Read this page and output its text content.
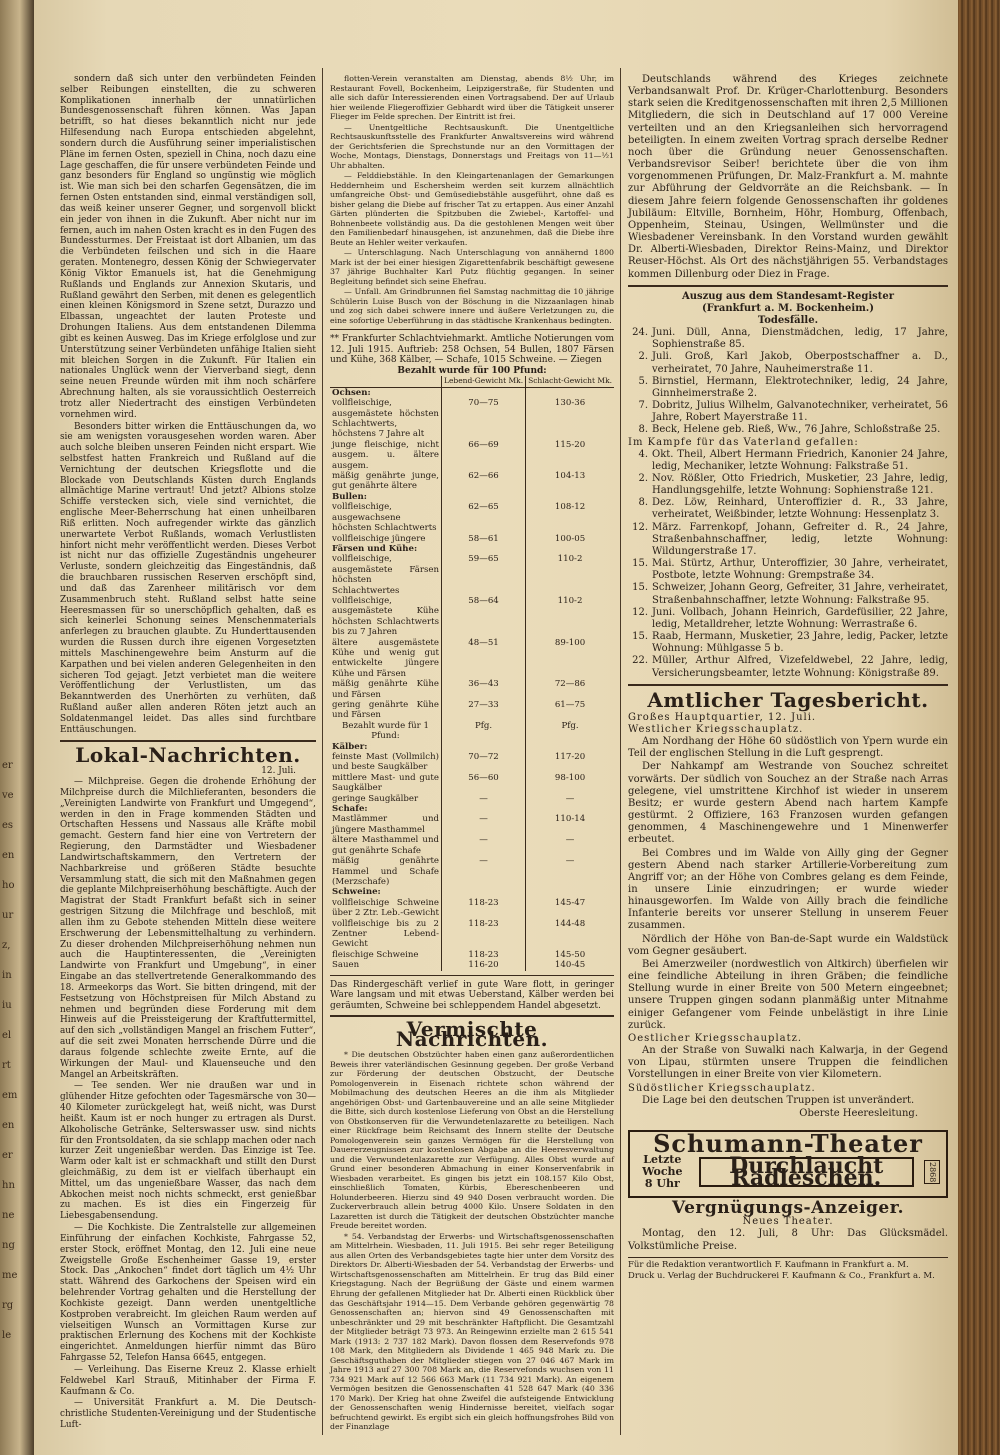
er
ve
es
en
ho
ur
z,
in
iu
el
rt
em
en
er
hn
ne
ng
me
rg
le

sondern daß sich unter den verbündeten Feinden selber Reibungen einstellten, die zu schweren Komplikationen innerhalb der unnatürlichen Bundesgenossenschaft führen können. Was Japan betrifft, so hat dieses bekanntlich nicht nur jede Hilfesendung nach Europa entschieden abgelehnt, sondern durch die Ausführung seiner imperialistischen Pläne im fernen Osten, speziell in China, noch dazu eine Lage geschaffen, die für unsere verbündeten Feinde und ganz besonders für England so ungünstig wie möglich ist. Wie man sich bei den scharfen Gegensätzen, die im fernen Osten entstanden sind, einmal verständigen soll, das weiß keiner unserer Gegner, und sorgenvoll blickt ein jeder von ihnen in die Zukunft. Aber nicht nur im fernen, auch im nahen Osten kracht es in den Fugen des Bundessturmes. Der Freistaat ist dort Albanien, um das die Verbündeten feilschen und sich in die Haare geraten. Montenegro, dessen König der Schwiegervater König Viktor Emanuels ist, hat die Genehmigung Rußlands und Englands zur Annexion Skutaris, und Rußland gewährt den Serben, mit denen es gelegentlich einen kleinen Königsmord in Szene setzt, Durazzo und Elbassan, ungeachtet der lauten Proteste und Drohungen Italiens. Aus dem entstandenen Dilemma gibt es keinen Ausweg. Das im Kriege erfolglose und zur Unterstützung seiner Verbündeten unfähige Italien sieht mit bleichen Sorgen in die Zukunft. Für Italien ein nationales Unglück wenn der Vierverband siegt, denn seine neuen Freunde würden mit ihm noch schärfere Abrechnung halten, als sie voraussichtlich Oesterreich trotz aller Niedertracht des einstigen Verbündeten vornehmen wird.

Besonders bitter wirken die Enttäuschungen da, wo sie am wenigsten vorausgesehen worden waren. Aber auch solche bleiben unseren Feinden nicht erspart. Wie selbstfest hatten Frankreich und Rußland auf die Vernichtung der deutschen Kriegsflotte und die Blockade von Deutschlands Küsten durch Englands allmächtige Marine vertraut! Und jetzt? Albions stolze Schiffe verstecken sich, viele sind vernichtet, die englische Meer-Beherrschung hat einen unheilbaren Riß erlitten. Noch aufregender wirkte das gänzlich unerwartete Verbot Rußlands, womach Verlustlisten hinfort nicht mehr veröffentlicht werden. Dieses Verbot ist nicht nur das offizielle Zugeständnis ungeheurer Verluste, sondern gleichzeitig das Eingeständnis, daß die brauchbaren russischen Reserven erschöpft sind, und daß das Zarenheer militärisch vor dem Zusammenbruch steht. Rußland selbst hatte seine Heeresmassen für so unerschöpflich gehalten, daß es sich keinerlei Schonung seines Menschenmaterials anferlegen zu brauchen glaubte. Zu Hunderttausenden wurden die Russen durch ihre eigenen Vorgesetzten mittels Maschinengewehre beim Ansturm auf die Karpathen und bei vielen anderen Gelegenheiten in den sicheren Tod gejagt. Jetzt verbietet man die weitere Veröffentlichung der Verlustlisten, um das Bekanntwerden des Unerhörten zu verhüten, daß Rußland außer allen anderen Röten jetzt auch an Soldatenmangel leidet. Das alles sind furchtbare Enttäuschungen.

Lokal-Nachrichten.
12. Juli.

— Milchpreise. Gegen die drohende Erhöhung der Milchpreise durch die Milchlieferanten, besonders die „Vereinigten Landwirte von Frankfurt und Umgegend“, werden in den in Frage kommenden Städten und Ortschaften Hessens und Nassaus alle Kräfte mobil gemacht. Gestern fand hier eine von Vertretern der Regierung, den Darmstädter und Wiesbadener Landwirtschaftskammern, den Vertretern der Nachbarkreise und größeren Städte besuchte Versammlung statt, die sich mit den Maßnahmen gegen die geplante Milchpreiserhöhung beschäftigte. Auch der Magistrat der Stadt Frankfurt befaßt sich in seiner gestrigen Sitzung die Milchfrage und beschloß, mit allen ihm zu Gebote stehenden Mitteln diese weitere Erschwerung der Lebensmittelhaltung zu verhindern. Zu dieser drohenden Milchpreiserhöhung nehmen nun auch die Hauptinteressenten, die „Vereinigten Landwirte von Frankfurt und Umgebung“, in einer Eingabe an das stellvertretende Generalkommando des 18. Armeekorps das Wort. Sie bitten dringend, mit der Festsetzung von Höchstpreisen für Milch Abstand zu nehmen und begründen diese Forderung mit dem Hinweis auf die Preissteigerung der Kraftfuttermittel, auf den sich „vollständigen Mangel an frischem Futter“, auf die seit zwei Monaten herrschende Dürre und die daraus folgende schlechte zweite Ernte, auf die Wirkungen der Maul- und Klauenseuche und den Mangel an Arbeitskräften.

— Tee senden. Wer nie draußen war und in glühender Hitze gefochten oder Tagesmärsche von 30—40 Kilometer zurückgelegt hat, weiß nicht, was Durst heißt. Kaum ist er noch hunger zu ertragen als Durst. Alkoholische Getränke, Selterswasser usw. sind nichts für den Frontsoldaten, da sie schlapp machen oder nach kurzer Zeit ungenießbar werden. Das Einzige ist Tee. Warm oder kalt ist er schmackhaft und stillt den Durst gleichmäßig, zu dem ist er vielfach überhaupt ein Mittel, um das ungenießbare Wasser, das nach dem Abkochen meist noch nichts schmeckt, erst genießbar zu machen. Es ist dies ein Fingerzeig für Liebesgabensendung.

— Die Kochkiste. Die Zentralstelle zur allgemeinen Einführung der einfachen Kochkiste, Fahrgasse 52, erster Stock, eröffnet Montag, den 12. Juli eine neue Zweigstelle Große Eschenheimer Gasse 19, erster Stock. Das „Ankochen“ findet dort täglich um 4½ Uhr statt. Während des Garkochens der Speisen wird ein belehrender Vortrag gehalten und die Herstellung der Kochkiste gezeigt. Dann werden unentgeltliche Kostproben verabreicht. Im gleichen Raum werden auf vielseitigen Wunsch an Vormittagen Kurse zur praktischen Erlernung des Kochens mit der Kochkiste eingerichtet. Anmeldungen hierfür nimmt das Büro Fahrgasse 52, Telefon Hansa 6645, entgegen.

— Verleihung. Das Eiserne Kreuz 2. Klasse erhielt Feldwebel Karl Strauß, Mitinhaber der Firma F. Kaufmann & Co.

— Universität Frankfurt a. M. Die Deutsch-christliche Studenten-Vereinigung und der Studentische Luft-

flotten-Verein veranstalten am Dienstag, abends 8½ Uhr, im Restaurant Fovell, Bockenheim, Leipzigerstraße, für Studenten und alle sich dafür Interessierenden einen Vortragsabend. Der auf Urlaub hier weilende Fliegeroffizier Gebhardt wird über die Tätigkeit unserer Flieger im Felde sprechen. Der Eintritt ist frei.

— Unentgeltliche Rechtsauskunft. Die Unentgeltliche Rechtsauskunftsstelle des Frankfurter Anwaltsvereins wird während der Gerichtsferien die Sprechstunde nur an den Vormittagen der Woche, Montags, Dienstags, Donnerstags und Freitags von 11—½1 Uhr abhalten.

— Felddiebstähle. In den Kleingartenanlagen der Gemarkungen Heddernheim und Eschersheim werden seit kurzem allnächtlich umfangreiche Obst- und Gemüsediebstähle ausgeführt, ohne daß es bisher gelang die Diebe auf frischer Tat zu ertappen. Aus einer Anzahl Gärten plünderten die Spitzbuben die Zwiebel-, Kartoffel- und Bohnenbeete vollständig aus. Da die gestohlenen Mengen weit über den Familienbedarf hinausgehen, ist anzunehmen, daß die Diebe ihre Beute an Hehler weiter verkaufen.

— Unterschlagung. Nach Unterschlagung von annähernd 1800 Mark ist der bei einer hiesigen Zigarettenfabrik beschäftigt gewesene 37 jährige Buchhalter Karl Putz flüchtig gegangen. In seiner Begleitung befindet sich seine Ehefrau.

— Unfall. Am Grindbrunnen fiel Samstag nachmittag die 10 jährige Schülerin Luise Busch von der Böschung in die Nizzaanlagen hinab und zog sich dabei schwere innere und äußere Verletzungen zu, die eine sofortige Ueberführung in das städtische Krankenhaus bedingten.

** Frankfurter Schlachtviehmarkt. Amtliche Notierungen vom 12. Juli 1915. Auftrieb: 258 Ochsen, 54 Bullen, 1807 Färsen und Kühe, 368 Kälber, — Schafe, 1015 Schweine. — Ziegen

Bezahlt wurde für 100 Pfund:
	Lebend-Gewicht Mk.	Schlacht-Gewicht Mk.
Ochsen:		
vollfleischige, ausgemästete höchsten Schlachtwerts, höchstens 7 Jahre alt	70—75	130-36
junge fleischige, nicht ausgem. u. ältere ausgem.	66—69	115-20
mäßig genährte junge, gut genährte ältere	62—66	104-13
Bullen:		
vollfleischige, ausgewachsene höchsten Schlachtwerts	62—65	108-12
vollfleischige jüngere	58—61	100-05
Färsen und Kühe:		
vollfleischige, ausgemästete Färsen höchsten Schlachtwertes	59—65	110-2
vollfleischige, ausgemästete Kühe höchsten Schlachtwerts bis zu 7 Jahren	58—64	110-2
ältere ausgemästete Kühe und wenig gut entwickelte jüngere Kühe und Färsen	48—51	89-100
mäßig genährte Kühe und Färsen	36—43	72—86
gering genährte Kühe und Färsen	27—33	61—75
Bezahlt wurde für 1 Pfund:	Pfg.	Pfg.
Kälber:		
feinste Mast (Vollmilch) und beste Saugkälber	70—72	117-20
mittlere Mast- und gute Saugkälber	56—60	98-100
geringe Saugkälber	—	—
Schafe:		
Mastlämmer und jüngere Masthammel	—	110-14
ältere Masthammel und gut genährte Schafe	—	—
mäßig genährte Hammel und Schafe (Merzschafe)	—	—
Schweine:		
vollfleischige Schweine über 2 Ztr. Leb.-Gewicht	118-23	145-47
vollfleischige bis zu 2 Zentner Lebend-Gewicht	118-23	144-48
fleischige Schweine	118-23	145-50
Sauen	116-20	140-45

Das Rindergeschäft verlief in gute Ware flott, in geringer Ware langsam und mit etwas Ueberstand, Kälber werden bei geräumten, Schweine bei schleppendem Handel abgesetzt.

Vermischte Nachrichten.

* Die deutschen Obstzüchter haben einen ganz außerordentlichen Beweis ihrer vaterländischen Gesinnung gegeben. Der große Verband zur Förderung der deutschen Obstzucht, der Deutsche Pomologenverein in Eisenach richtete schon während der Mobilmachung des deutschen Heeres an die ihm als Mitglieder angehörigen Obst- und Gartenbauvereine und an alle seine Mitglieder die Bitte, sich durch kostenlose Lieferung von Obst an die Herstellung von Obstkonserven für die Verwundetenlazarette zu beteiligen. Nach einer Rückfrage beim Reichsamt des Innern stellte der Deutsche Pomologenverein sein ganzes Vermögen für die Herstellung von Dauererzeugnissen zur kostenlosen Abgabe an die Heeresverwaltung und die Verwundetenlazarette zur Verfügung. Alles Obst wurde auf Grund einer besonderen Abmachung in einer Konservenfabrik in Wiesbaden verarbeitet. Es gingen bis jetzt ein 108.157 Kilo Obst, einschließlich Tomaten, Kürbis, Ebereschenbeeren und Holunderbeeren. Hierzu sind 49 940 Dosen verbraucht worden. Die Zuckerverbrauch allein betrug 4000 Kilo. Unsere Soldaten in den Lazaretten ist durch die Tätigkeit der deutschen Obstzüchter manche Freude bereitet worden.

* 54. Verbandstag der Erwerbs- und Wirtschaftsgenossenschaften am Mittelrhein. Wiesbaden, 11. Juli 1915. Bei sehr reger Beteiligung aus allen Orten des Verbandsgebietes tagte hier unter dem Vorsitz des Direktors Dr. Alberti-Wiesbaden der 54. Verbandstag der Erwerbs- und Wirtschaftsgenossenschaften am Mittelrhein. Er trug das Bild einer Kriegstagung. Nach der Begrüßung der Gäste und einem warmen Ehrung der gefallenen Mitglieder hat Dr. Alberti einen Rückblick über das Geschäftsjahr 1914—15. Dem Verbande gehören gegenwärtig 78 Genossenschaften an; hiervon sind 49 Genossenschaften mit unbeschränkter und 29 mit beschränkter Haftpflicht. Die Gesamtzahl der Mitglieder beträgt 73 973. An Reingewinn erzielte man 2 615 541 Mark (1913: 2 737 182 Mark). Davon flossen dem Reservefonds 978 108 Mark, den Mitgliedern als Dividende 1 465 948 Mark zu. Die Geschäftsguthaben der Mitglieder stiegen von 27 046 467 Mark im Jahre 1913 auf 27 300 708 Mark an, die Reservefonds wuchsen von 11 734 921 Mark auf 12 566 663 Mark (11 734 921 Mark). An eigenem Vermögen besitzen die Genossenschaften 41 528 647 Mark (40 336 170 Mark). Der Krieg hat ohne Zweifel die aufsteigende Entwicklung der Genossenschaften wenig Hindernisse bereitet, vielfach sogar befruchtend gewirkt. Es ergibt sich ein gleich hoffnungsfrohes Bild von der Finanzlage

Deutschlands während des Krieges zeichnete Verbandsanwalt Prof. Dr. Krüger-Charlottenburg. Besonders stark seien die Kreditgenossenschaften mit ihren 2,5 Millionen Mitgliedern, die sich in Deutschland auf 17 000 Vereine verteilten und an den Kriegsanleihen sich hervorragend beteiligten. In einem zweiten Vortrag sprach derselbe Redner noch über die Gründung neuer Genossenschaften. Verbandsrevisor Seiber! berichtete über die von ihm vorgenommenen Prüfungen, Dr. Malz-Frankfurt a. M. mahnte zur Abführung der Geldvorräte an die Reichsbank. — In diesem Jahre feiern folgende Genossenschaften ihr goldenes Jubiläum: Eltville, Bornheim, Höhr, Homburg, Offenbach, Oppenheim, Steinau, Usingen, Wellmünster und die Wiesbadener Vereinsbank. In den Vorstand wurden gewählt Dr. Alberti-Wiesbaden, Direktor Reins-Mainz, und Direktor Reuser-Höchst. Als Ort des nächstjährigen 55. Verbandstages kommen Dillenburg oder Diez in Frage.

Auszug aus dem Standesamt-Register
(Frankfurt a. M. Bockenheim.)
Todesfälle.
24. Juni. Düll, Anna, Dienstmädchen, ledig, 17 Jahre, Sophienstraße 85.
2. Juli. Groß, Karl Jakob, Oberpostschaffner a. D., verheiratet, 70 Jahre, Nauheimerstraße 11.
5. Birnstiel, Hermann, Elektrotechniker, ledig, 24 Jahre, Ginnheimerstraße 2.
7. Dobritz, Julius Wilhelm, Galvanotechniker, verheiratet, 56 Jahre, Robert Mayerstraße 11.
8. Beck, Helene geb. Rieß, Ww., 76 Jahre, Schloßstraße 25.
Im Kampfe für das Vaterland gefallen:
4. Okt. Theil, Albert Hermann Friedrich, Kanonier 24 Jahre, ledig, Mechaniker, letzte Wohnung: Falkstraße 51.
2. Nov. Rößler, Otto Friedrich, Musketier, 23 Jahre, ledig, Handlungsgehilfe, letzte Wohnung: Sophienstraße 121.
8. Dez. Löw, Reinhard, Unteroffizier d. R., 33 Jahre, verheiratet, Weißbinder, letzte Wohnung: Hessenplatz 3.
12. März. Farrenkopf, Johann, Gefreiter d. R., 24 Jahre, Straßenbahnschaffner, ledig, letzte Wohnung: Wildungerstraße 17.
15. Mai. Stürtz, Arthur, Unteroffizier, 30 Jahre, verheiratet, Postbote, letzte Wohnung: Grempstraße 34.
15. Schweizer, Johann Georg, Gefreiter, 31 Jahre, verheiratet, Straßenbahnschaffner, letzte Wohnung: Falkstraße 95.
12. Juni. Vollbach, Johann Heinrich, Gardefüsilier, 22 Jahre, ledig, Metalldreher, letzte Wohnung: Werrastraße 6.
15. Raab, Hermann, Musketier, 23 Jahre, ledig, Packer, letzte Wohnung: Mühlgasse 5 b.
22. Müller, Arthur Alfred, Vizefeldwebel, 22 Jahre, ledig, Versicherungsbeamter, letzte Wohnung: Königstraße 89.
Amtlicher Tagesbericht.
Großes Hauptquartier, 12. Juli.
Westlicher Kriegsschauplatz.

Am Nordhang der Höhe 60 südöstlich von Ypern wurde ein Teil der englischen Stellung in die Luft gesprengt.

Der Nahkampf am Westrande von Souchez schreitet vorwärts. Der südlich von Souchez an der Straße nach Arras gelegene, viel umstrittene Kirchhof ist wieder in unserem Besitz; er wurde gestern Abend nach hartem Kampfe gestürmt. 2 Offiziere, 163 Franzosen wurden gefangen genommen, 4 Maschinengewehre und 1 Minenwerfer erbeutet.

Bei Combres und im Walde von Ailly ging der Gegner gestern Abend nach starker Artillerie-Vorbereitung zum Angriff vor; an der Höhe von Combres gelang es dem Feinde, in unsere Linie einzudringen; er wurde wieder hinausgeworfen. Im Walde von Ailly brach die feindliche Infanterie bereits vor unserer Stellung in unserem Feuer zusammen.

Nördlich der Höhe von Ban-de-Sapt wurde ein Waldstück vom Gegner gesäubert.

Bei Amerzweiler (nordwestlich von Altkirch) überfielen wir eine feindliche Abteilung in ihren Gräben; die feindliche Stellung wurde in einer Breite von 500 Metern eingeebnet; unsere Truppen gingen sodann planmäßig unter Mitnahme einiger Gefangener vom Feinde unbelästigt in ihre Linie zurück.

Oestlicher Kriegsschauplatz.

An der Straße von Suwalki nach Kalwarja, in der Gegend von Lipau, stürmten unsere Truppen die feindlichen Vorstellungen in einer Breite von vier Kilometern.

Südöstlicher Kriegsschauplatz.

Die Lage bei den deutschen Truppen ist unverändert.

Oberste Heeresleitung.
Schumann-Theater
Letzte Woche
8 Uhr
Durchlaucht Radleschen.	2868
Vergnügungs-Anzeiger.
Neues Theater.

Montag, den 12. Juli, 8 Uhr: Das Glücksmädel. Volkstümliche Preise.

Für die Redaktion verantwortlich F. Kaufmann in Frankfurt a. M.
Druck u. Verlag der Buchdruckerei F. Kaufmann & Co., Frankfurt a. M.
